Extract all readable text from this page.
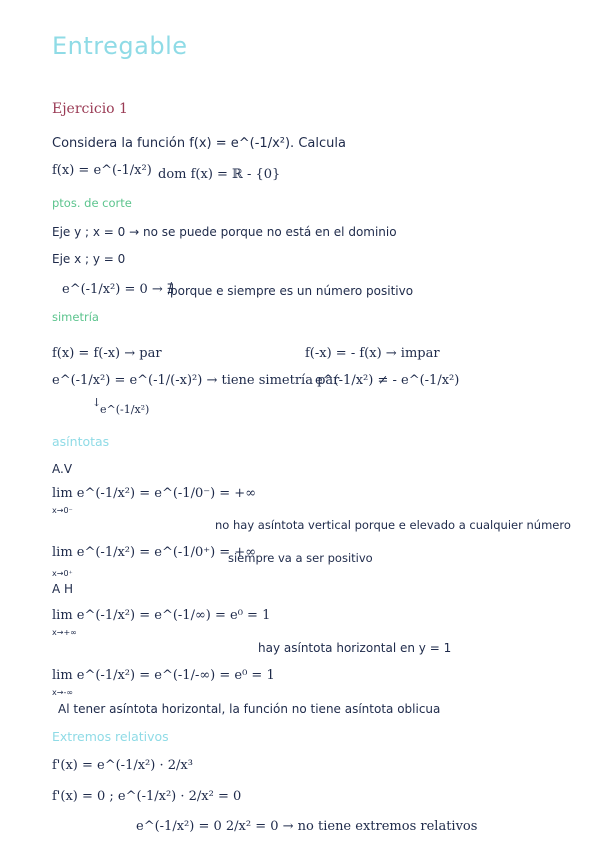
Entregable
Ejercicio 1
Considera la función f(x) = e^(-1/x²). Calcula
f(x) = e^(-1/x²) dom f(x) = ℝ - {0}
ptos. de corte
Eje y ; x = 0 → no se puede porque no está en el dominio
Eje x ; y = 0
e^(-1/x²) = 0 → ∄
porque e siempre es un número positivo
simetría
f(x) = f(-x) → par	f(-x) = - f(x) → impar
e^(-1/x²) = e^(-1/(-x)²) → tiene simetría par
e^(-1/x²) ≠ - e^(-1/x²)
↓
e^(-1/x²)
asíntotas
A.V
lim e^(-1/x²) = e^(-1/0⁻) = +∞
x→0⁻
no hay asíntota vertical porque e elevado a cualquier número
lim e^(-1/x²) = e^(-1/0⁺) = +∞
x→0⁺
siempre va a ser positivo
A H
lim e^(-1/x²) = e^(-1/∞) = e⁰ = 1
x→+∞
hay asíntota horizontal en y = 1
lim e^(-1/x²) = e^(-1/-∞) = e⁰ = 1
x→-∞
Al tener asíntota horizontal, la función no tiene asíntota oblicua
Extremos relativos
f'(x) = e^(-1/x²) · 2/x³
f'(x) = 0 ; e^(-1/x²) · 2/x² = 0
e^(-1/x²) = 0 2/x² = 0 → no tiene extremos relativos
